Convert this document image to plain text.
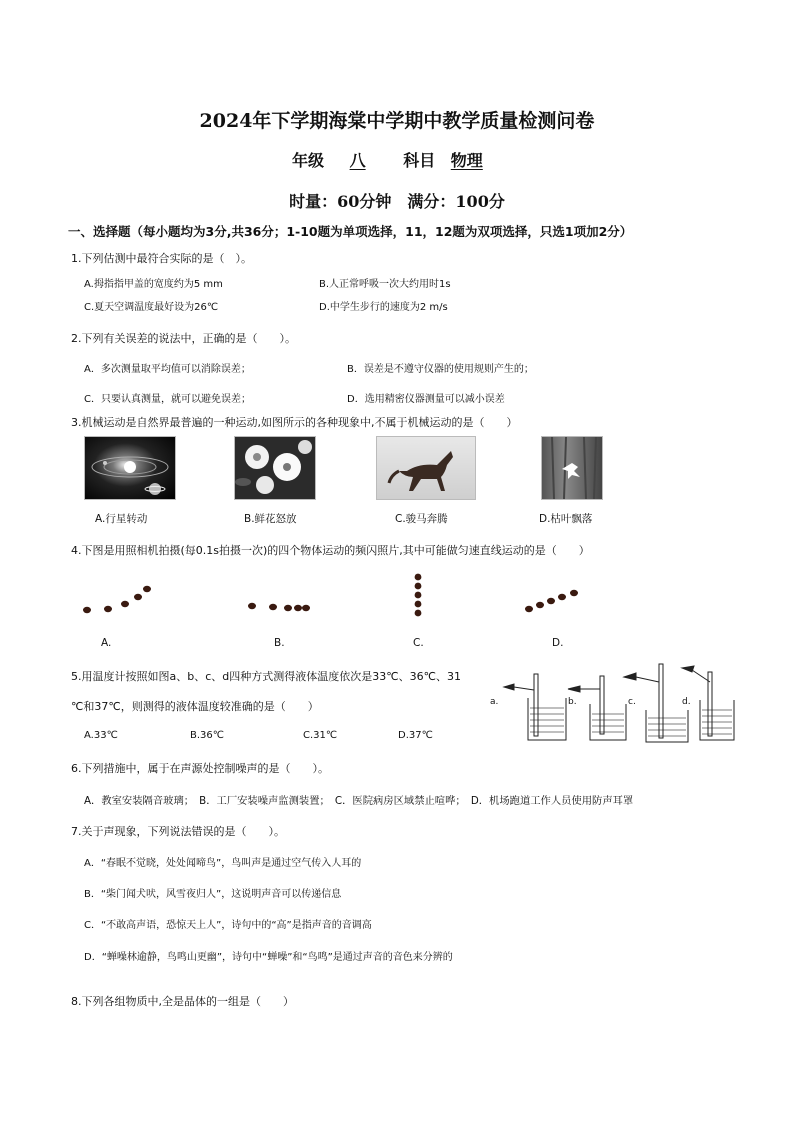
2024年下学期海棠中学期中教学质量检测问卷
年级 八 科目 物理
时量：60分钟　满分：100分
一、选择题（每小题均为3分,共36分；1-10题为单项选择，11，12题为双项选择，只选1项加2分）
1.下列估测中最符合实际的是（　）。
A.拇指指甲盖的宽度约为5 mm	B.人正常呼吸一次大约用时1s
C.夏天空调温度最好设为26℃	D.中学生步行的速度为2 m/s
2.下列有关误差的说法中，正确的是（　　）。
A．多次测量取平均值可以消除误差；	B．误差是不遵守仪器的使用规则产生的；
C．只要认真测量，就可以避免误差；	D．选用精密仪器测量可以减小误差
3.机械运动是自然界最普遍的一种运动,如图所示的各种现象中,不属于机械运动的是（　　）
A.行星转动	B.鲜花怒放	C.骏马奔腾	D.枯叶飘落
4.下图是用照相机拍摄(每0.1s拍摄一次)的四个物体运动的频闪照片,其中可能做匀速直线运动的是（　　）
A.	B.	C.	D.
5.用温度计按照如图a、b、c、d四种方式测得液体温度依次是33℃、36℃、31
℃和37℃，则测得的液体温度较准确的是（　　）
A.33℃	B.36℃	C.31℃	D.37℃
a.	b.	c.	d.
6.下列措施中，属于在声源处控制噪声的是（　　）。
A．教室安装隔音玻璃；　B．工厂安装噪声监测装置；　C．医院病房区域禁止喧哗；　D．机场跑道工作人员使用防声耳罩
7.关于声现象，下列说法错误的是（　　）。
A．“春眠不觉晓，处处闻啼鸟”，鸟叫声是通过空气传入人耳的
B．“柴门闻犬吠，风雪夜归人”，这说明声音可以传递信息
C．“不敢高声语，恐惊天上人”，诗句中的“高”是指声音的音调高
D．“蝉噪林逾静，鸟鸣山更幽”，诗句中“蝉噪”和“鸟鸣”是通过声音的音色来分辨的
8.下列各组物质中,全是晶体的一组是（　　）
